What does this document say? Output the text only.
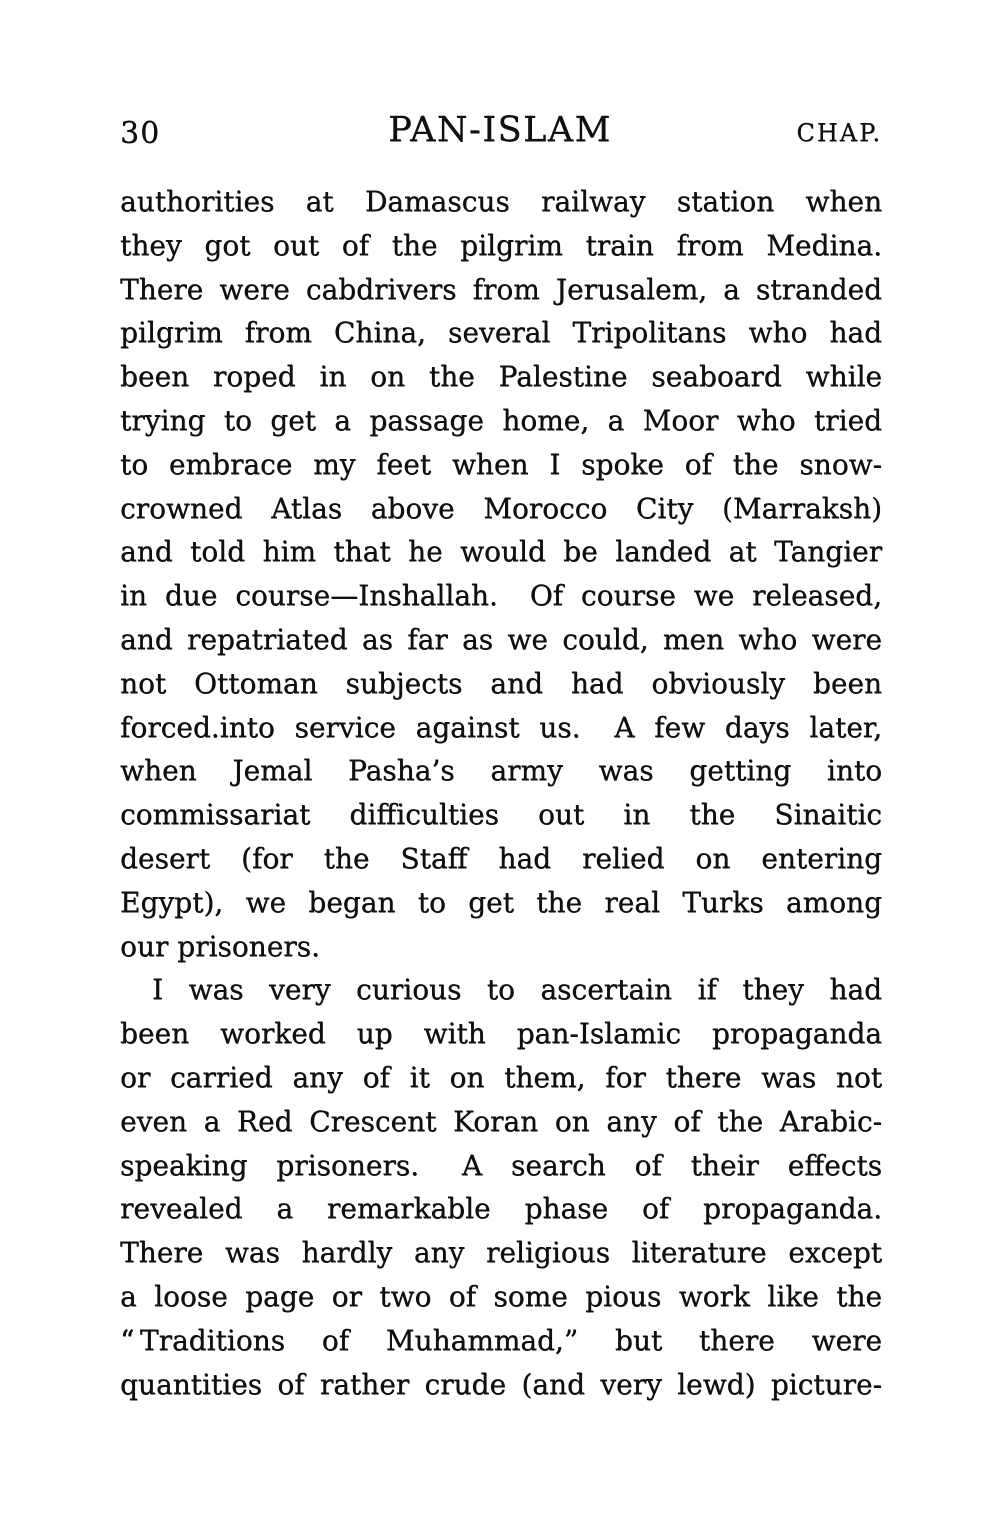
30	PAN-ISLAM	CHAP.
authorities at Damascus railway station when
they got out of the pilgrim train from Medina.
There were cabdrivers from Jerusalem, a stranded
pilgrim from China, several Tripolitans who had
been roped in on the Palestine seaboard while
trying to get a passage home, a Moor who tried
to embrace my feet when I spoke of the snow-
crowned Atlas above Morocco City (Marraksh)
and told him that he would be landed at Tangier
in due course—Inshallah.  Of course we released,
and repatriated as far as we could, men who were
not Ottoman subjects and had obviously been
forced.into service against us.  A few days later,
when Jemal Pasha’s army was getting into
commissariat difficulties out in the Sinaitic
desert (for the Staff had relied on entering
Egypt), we began to get the real Turks among
our prisoners.
I was very curious to ascertain if they had
been worked up with pan-Islamic propaganda
or carried any of it on them, for there was not
even a Red Crescent Koran on any of the Arabic-
speaking prisoners.  A search of their effects
revealed a remarkable phase of propaganda.
There was hardly any religious literature except
a loose page or two of some pious work like the
“ Traditions of Muhammad,” but there were
quantities of rather crude (and very lewd) picture-
